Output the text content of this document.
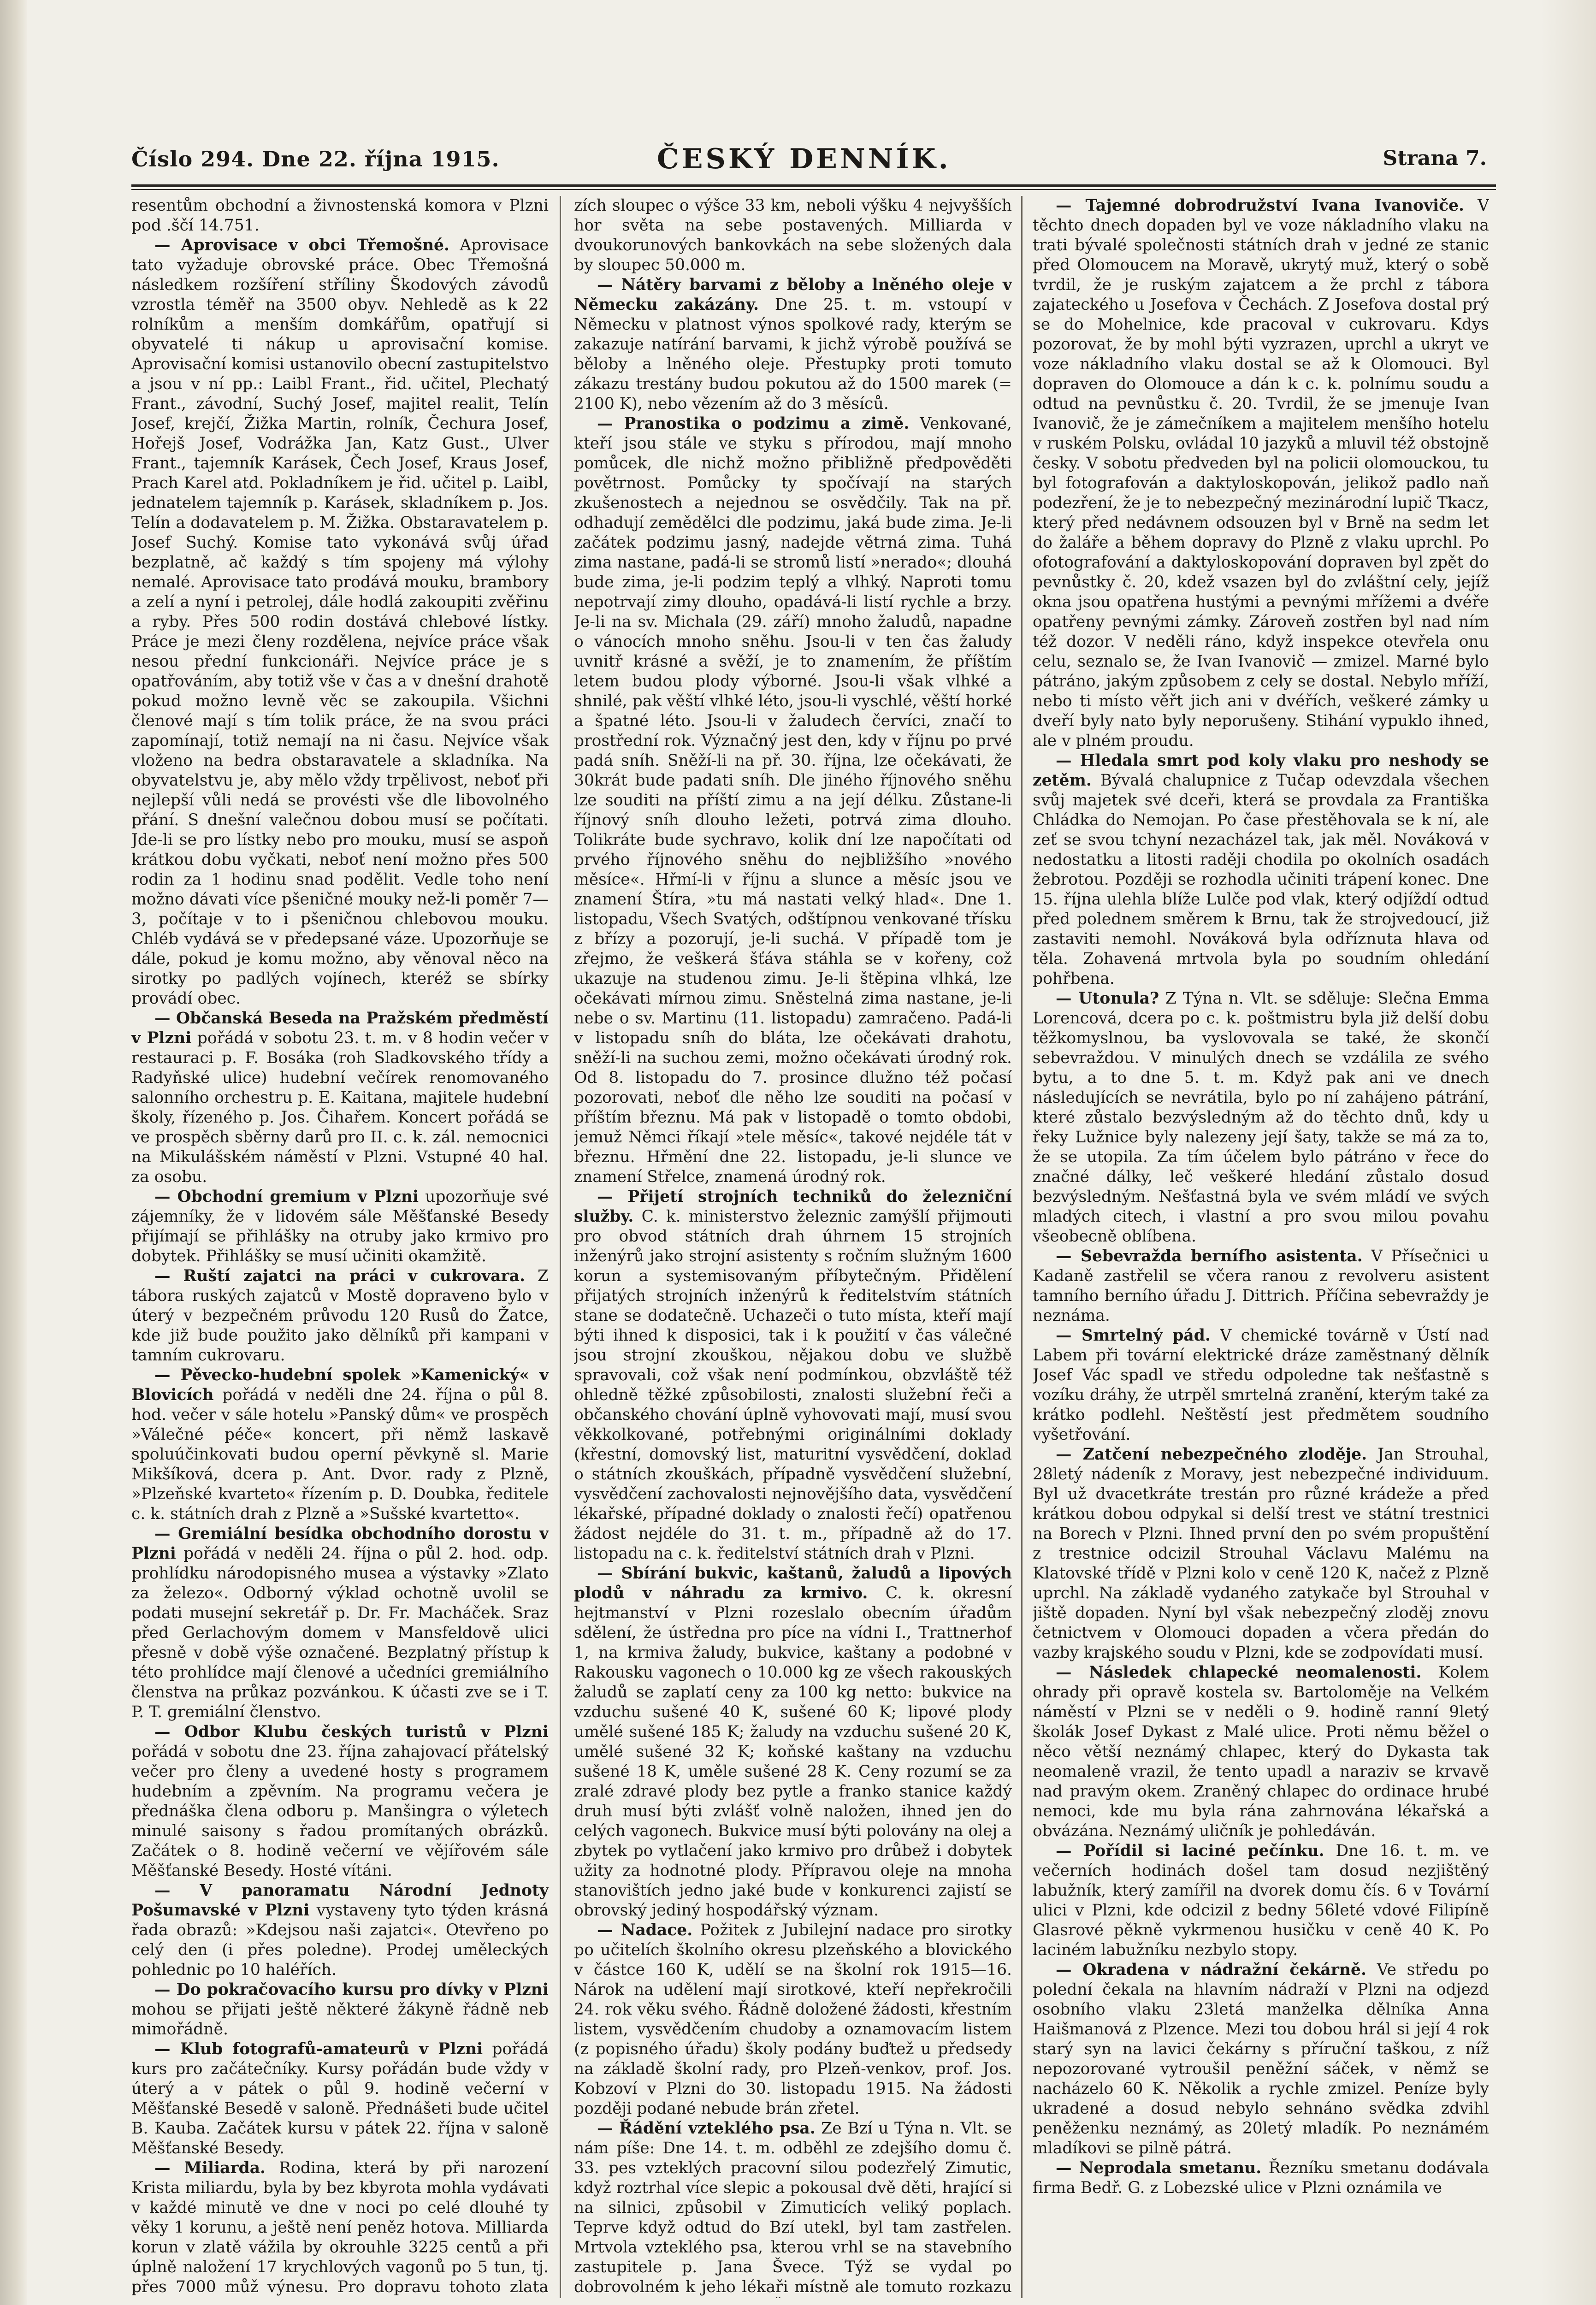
Číslo 294. Dne 22. října 1915.	ČESKÝ DENNÍK.	Strana 7.

resentům obchodní a živnostenská komora v Plzni pod .ščí 14.751.

— Aprovisace v obci Třemošné. Aprovisace tato vyžaduje obrovské práce. Obec Třemošná následkem rozšíření stříliny Škodových závodů vzrostla téměř na 3500 obyv. Nehledě as k 22 rolníkům a menším domkářům, opatřují si obyvatelé ti nákup u aprovisační komise. Aprovisační komisi ustanovilo obecní zastupitelstvo a jsou v ní pp.: Laibl Frant., řid. učitel, Plechatý Frant., závodní, Suchý Josef, majitel realit, Telín Josef, krejčí, Žižka Martin, rolník, Čechura Josef, Hořejš Josef, Vodrážka Jan, Katz Gust., Ulver Frant., tajemník Karásek, Čech Josef, Kraus Josef, Prach Karel atd. Pokladníkem je řid. učitel p. Laibl, jednatelem tajemník p. Karásek, skladníkem p. Jos. Telín a dodavatelem p. M. Žižka. Obstaravatelem p. Josef Suchý. Komise tato vykonává svůj úřad bezplatně, ač každý s tím spojeny má výlohy nemalé. Aprovisace tato prodává mouku, brambory a zelí a nyní i petrolej, dále hodlá zakoupiti zvěřinu a ryby. Přes 500 rodin dostává chlebové lístky. Práce je mezi členy rozdělena, nejvíce práce však nesou přední funkcionáři. Nejvíce práce je s opatřováním, aby totiž vše v čas a v dnešní drahotě pokud možno levně věc se zakoupila. Všichni členové mají s tím tolik práce, že na svou práci zapomínají, totiž nemají na ni času. Nejvíce však vloženo na bedra obstaravatele a skladníka. Na obyvatelstvu je, aby mělo vždy trpělivost, neboť při nejlepší vůli nedá se provésti vše dle libovolného přání. S dnešní valečnou dobou musí se počítati. Jde-li se pro lístky nebo pro mouku, musí se aspoň krátkou dobu vyčkati, neboť není možno přes 500 rodin za 1 hodinu snad podělit. Vedle toho není možno dávati více pšeničné mouky než-li poměr 7—3, počítaje v to i pšeničnou chlebovou mouku. Chléb vydává se v předepsané váze. Upozorňuje se dále, pokud je komu možno, aby věnoval něco na sirotky po padlých vojínech, kteréž se sbírky provádí obec.

— Občanská Beseda na Pražském předměstí v Plzni pořádá v sobotu 23. t. m. v 8 hodin večer v restauraci p. F. Bosáka (roh Sladkovského třídy a Radyňské ulice) hudební večírek renomovaného salonního orchestru p. E. Kaitana, majitele hudební školy, řízeného p. Jos. Čihařem. Koncert pořádá se ve prospěch sběrny darů pro II. c. k. zál. nemocnici na Mikulášském náměstí v Plzni. Vstupné 40 hal. za osobu.

— Obchodní gremium v Plzni upozorňuje své zájemníky, že v lidovém sále Měšťanské Besedy přijímají se přihlášky na otruby jako krmivo pro dobytek. Přihlášky se musí učiniti okamžitě.

— Ruští zajatci na práci v cukrovara. Z tábora ruských zajatců v Mostě dopraveno bylo v úterý v bezpečném průvodu 120 Rusů do Žatce, kde již bude použito jako dělníků při kampani v tamním cukrovaru.

— Pěvecko-hudební spolek »Kamenický« v Blovicích pořádá v neděli dne 24. října o půl 8. hod. večer v sále hotelu »Panský dům« ve prospěch »Válečné péče« koncert, při němž laskavě spoluúčinkovati budou operní pěvkyně sl. Marie Mikšíková, dcera p. Ant. Dvor. rady z Plzně, »Plzeňské kvarteto« řízením p. D. Doubka, ředitele c. k. státních drah z Plzně a »Sušské kvartetto«.

— Gremiální besídka obchodního dorostu v Plzni pořádá v neděli 24. října o půl 2. hod. odp. prohlídku národopisného musea a výstavky »Zlato za železo«. Odborný výklad ochotně uvolil se podati musejní sekretář p. Dr. Fr. Macháček. Sraz před Gerlachovým domem v Mansfeldově ulici přesně v době výše označené. Bezplatný přístup k této prohlídce mají členové a učedníci gremiálního členstva na průkaz pozvánkou. K účasti zve se i T. P. T. gremiální členstvo.

— Odbor Klubu českých turistů v Plzni pořádá v sobotu dne 23. října zahajovací přátelský večer pro členy a uvedené hosty s programem hudebním a zpěvním. Na programu večera je přednáška člena odboru p. Manšingra o výletech minulé saisony s řadou promítaných obrázků. Začátek o 8. hodině večerní ve vějířovém sále Měšťanské Besedy. Hosté vítáni.

— V panoramatu Národní Jednoty Pošumavské v Plzni vystaveny tyto týden krásná řada obrazů: »Kdejsou naši zajatci«. Otevřeno po celý den (i přes poledne). Prodej uměleckých pohlednic po 10 haléřích.

— Do pokračovacího kursu pro dívky v Plzni mohou se přijati ještě některé žákyně řádně neb mimořádně.

— Klub fotografů-amateurů v Plzni pořádá kurs pro začátečníky. Kursy pořádán bude vždy v úterý a v pátek o půl 9. hodině večerní v Měšťanské Besedě v saloně. Přednášeti bude učitel B. Kauba. Začátek kursu v pátek 22. října v saloně Měšťanské Besedy.

— Miliarda. Rodina, která by při narození Krista miliardu, byla by bez kbyrota mohla vydávati v každé minutě ve dne v noci po celé dlouhé ty věky 1 korunu, a ještě není peněz hotova. Milliarda korun v zlatě vážila by okrouhle 3225 centů a při úplně naložení 17 krychlových vagonů po 5 tun, tj. přes 7000 můž výnesu. Pro dopravu tohoto zlata

zích sloupec o výšce 33 km, neboli výšku 4 nejvyšších hor světa na sebe postavených. Milliarda v dvoukorunových bankovkách na sebe složených dala by sloupec 50.000 m.

— Nátěry barvami z běloby a lněného oleje v Německu zakázány. Dne 25. t. m. vstoupí v Německu v platnost výnos spolkové rady, kterým se zakazuje natírání barvami, k jichž výrobě používá se běloby a lněného oleje. Přestupky proti tomuto zákazu trestány budou pokutou až do 1500 marek (= 2100 K), nebo vězením až do 3 měsíců.

— Pranostika o podzimu a zimě. Venkované, kteří jsou stále ve styku s přírodou, mají mnoho pomůcek, dle nichž možno přibližně předpověděti povětrnost. Pomůcky ty spočívají na starých zkušenostech a nejednou se osvědčily. Tak na př. odhadují zemědělci dle podzimu, jaká bude zima. Je-li začátek podzimu jasný, nadejde větrná zima. Tuhá zima nastane, padá-li se stromů listí »nerado«; dlouhá bude zima, je-li podzim teplý a vlhký. Naproti tomu nepotrvají zimy dlouho, opadává-li listí rychle a brzy. Je-li na sv. Michala (29. září) mnoho žaludů, napadne o vánocích mnoho sněhu. Jsou-li v ten čas žaludy uvnitř krásné a svěží, je to znamením, že příštím letem budou plody výborné. Jsou-li však vlhké a shnilé, pak věští vlhké léto, jsou-li vyschlé, věští horké a špatné léto. Jsou-li v žaludech červíci, značí to prostřední rok. Význačný jest den, kdy v říjnu po prvé padá sníh. Sněží-li na př. 30. října, lze očekávati, že 30krát bude padati sníh. Dle jiného říjnového sněhu lze souditi na příští zimu a na její délku. Zůstane-li říjnový sníh dlouho ležeti, potrvá zima dlouho. Tolikráte bude sychravo, kolik dní lze napočítati od prvého říjnového sněhu do nejbližšího »nového měsíce«. Hřmí-li v říjnu a slunce a měsíc jsou ve znamení Štíra, »tu má nastati velký hlad«. Dne 1. listopadu, Všech Svatých, odštípnou venkované třísku z břízy a pozorují, je-li suchá. V případě tom je zřejmo, že veškerá šťáva stáhla se v kořeny, což ukazuje na studenou zimu. Je-li štěpina vlhká, lze očekávati mírnou zimu. Sněstelná zima nastane, je-li nebe o sv. Martinu (11. listopadu) zamračeno. Padá-li v listopadu sníh do bláta, lze očekávati drahotu, sněží-li na suchou zemi, možno očekávati úrodný rok. Od 8. listopadu do 7. prosince dlužno též počasí pozorovati, neboť dle něho lze souditi na počasí v příštím březnu. Má pak v listopadě o tomto obdobi, jemuž Němci říkají »tele měsíc«, takové nejdéle tát v březnu. Hřmění dne 22. listopadu, je-li slunce ve znamení Střelce, znamená úrodný rok.

— Přijetí strojních techniků do železniční služby. C. k. ministerstvo železnic zamýšlí přijmouti pro obvod státních drah úhrnem 15 strojních inženýrů jako strojní asistenty s ročním služným 1600 korun a systemisovaným příbytečným. Přidělení přijatých strojních inženýrů k ředitelstvím státních stane se dodatečně. Uchazeči o tuto místa, kteří mají býti ihned k disposici, tak i k použití v čas válečné jsou strojní zkouškou, nějakou dobu ve službě spravovali, což však není podmínkou, obzvláště též ohledně těžké způsobilosti, znalosti služební řeči a občanského chování úplně vyhovovati mají, musí svou věkkolkované, potřebnými originálními doklady (křestní, domovský list, maturitní vysvědčení, doklad o státních zkouškách, případně vysvědčení služební, vysvědčení zachovalosti nejnovějšího data, vysvědčení lékařské, případné doklady o znalosti řečí) opatřenou žádost nejdéle do 31. t. m., případně až do 17. listopadu na c. k. ředitelství státních drah v Plzni.

— Sbírání bukvic, kaštanů, žaludů a lipových plodů v náhradu za krmivo. C. k. okresní hejtmanství v Plzni rozeslalo obecním úřadům sdělení, že ústředna pro píce na vídni I., Trattnerhof 1, na krmiva žaludy, bukvice, kaštany a podobné v Rakousku vagonech o 10.000 kg ze všech rakouských žaludů se zaplatí ceny za 100 kg netto: bukvice na vzduchu sušené 40 K, sušené 60 K; lipové plody umělé sušené 185 K; žaludy na vzduchu sušené 20 K, umělé sušené 32 K; koňské kaštany na vzduchu sušené 18 K, uměle sušené 28 K. Ceny rozumí se za zralé zdravé plody bez pytle a franko stanice každý druh musí býti zvlášť volně naložen, ihned jen do celých vagonech. Bukvice musí býti polovány na olej a zbytek po vytlačení jako krmivo pro drůbež i dobytek užity za hodnotné plody. Přípravou oleje na mnoha stanovištích jedno jaké bude v konkurenci zajistí se obrovský jediný hospodářský význam.

— Nadace. Požitek z Jubilejní nadace pro sirotky po učitelích školního okresu plzeňského a blovického v částce 160 K, udělí se na školní rok 1915—16. Nárok na udělení mají sirotkové, kteří nepřekročili 24. rok věku svého. Řádně doložené žádosti, křestním listem, vysvědčením chudoby a oznamovacím listem (z popisného úřadu) školy podány buďtež u předsedy na základě školní rady, pro Plzeň-venkov, prof. Jos. Kobzoví v Plzni do 30. listopadu 1915. Na žádosti později podané nebude brán zřetel.

— Řádění vzteklého psa. Ze Bzí u Týna n. Vlt. se nám píše: Dne 14. t. m. odběhl ze zdejšího domu č. 33. pes vzteklých pracovní silou podezřelý Zimutic, když roztrhal více slepic a pokousal dvě děti, hrající si na silnici, způsobil v Zimuticích veliký poplach. Teprve když odtud do Bzí utekl, byl tam zastřelen. Mrtvola vzteklého psa, kterou vrhl se na stavebního zastupitele p. Jana Švece. Týž se vydal po dobrovolném k jeho lékaři místně ale tomuto rozkazu

— Tajemné dobrodružství Ivana Ivanoviče. V těchto dnech dopaden byl ve voze nákladního vlaku na trati bývalé společnosti státních drah v jedné ze stanic před Olomoucem na Moravě, ukrytý muž, který o sobě tvrdil, že je ruským zajatcem a že prchl z tábora zajateckého u Josefova v Čechách. Z Josefova dostal prý se do Mohelnice, kde pracoval v cukrovaru. Kdys pozorovat, že by mohl býti vyzrazen, uprchl a ukryt ve voze nákladního vlaku dostal se až k Olomouci. Byl dopraven do Olomouce a dán k c. k. polnímu soudu a odtud na pevnůstku č. 20. Tvrdil, že se jmenuje Ivan Ivanovič, že je zámečníkem a majitelem menšího hotelu v ruském Polsku, ovládal 10 jazyků a mluvil též obstojně česky. V sobotu předveden byl na policii olomouckou, tu byl fotografován a daktyloskopován, jelikož padlo naň podezření, že je to nebezpečný mezinárodní lupič Tkacz, který před nedávnem odsouzen byl v Brně na sedm let do žaláře a během dopravy do Plzně z vlaku uprchl. Po ofotografování a daktyloskopování dopraven byl zpět do pevnůstky č. 20, kdež vsazen byl do zvláštní cely, jejíž okna jsou opatřena hustými a pevnými mřížemi a dvéře opatřeny pevnými zámky. Zároveň zostřen byl nad ním též dozor. V neděli ráno, když inspekce otevřela onu celu, seznalo se, že Ivan Ivanovič — zmizel. Marné bylo pátráno, jakým způsobem z cely se dostal. Nebylo mříží, nebo ti místo věřt jich ani v dvéřích, veškeré zámky u dveří byly nato byly neporušeny. Stihání vypuklo ihned, ale v plném proudu.

— Hledala smrt pod koly vlaku pro neshody se zetěm. Bývalá chalupnice z Tučap odevzdala všechen svůj majetek své dceři, která se provdala za Františka Chládka do Nemojan. Po čase přestěhovala se k ní, ale zeť se svou tchyní nezacházel tak, jak měl. Nováková v nedostatku a litosti raději chodila po okolních osadách žebrotou. Později se rozhodla učiniti trápení konec. Dne 15. října ulehla blíže Lulče pod vlak, který odjíždí odtud před polednem směrem k Brnu, tak že strojvedoucí, již zastaviti nemohl. Nováková byla odříznuta hlava od těla. Zohavená mrtvola byla po soudním ohledání pohřbena.

— Utonula? Z Týna n. Vlt. se sděluje: Slečna Emma Lorencová, dcera po c. k. poštmistru byla již delší dobu těžkomyslnou, ba vyslovovala se také, že skončí sebevraždou. V minulých dnech se vzdálila ze svého bytu, a to dne 5. t. m. Když pak ani ve dnech následujících se nevrátila, bylo po ní zahájeno pátrání, které zůstalo bezvýsledným až do těchto dnů, kdy u řeky Lužnice byly nalezeny její šaty, takže se má za to, že se utopila. Za tím účelem bylo pátráno v řece do značné dálky, leč veškeré hledání zůstalo dosud bezvýsledným. Nešťastná byla ve svém mládí ve svých mladých citech, i vlastní a pro svou milou povahu všeobecně oblíbena.

— Sebevražda bernífho asistenta. V Přísečnici u Kadaně zastřelil se včera ranou z revolveru asistent tamního berního úřadu J. Dittrich. Příčina sebevraždy je neznáma.

— Smrtelný pád. V chemické továrně v Ústí nad Labem při tovární elektrické dráze zaměstnaný dělník Josef Vác spadl ve středu odpoledne tak nešťastně s vozíku dráhy, že utrpěl smrtelná zranění, kterým také za krátko podlehl. Neštěstí jest předmětem soudního vyšetřování.

— Zatčení nebezpečného zloděje. Jan Strouhal, 28letý nádeník z Moravy, jest nebezpečné individuum. Byl už dvacetkráte trestán pro různé krádeže a před krátkou dobou odpykal si delší trest ve státní trestnici na Borech v Plzni. Ihned první den po svém propuštění z trestnice odcizil Strouhal Václavu Malému na Klatovské třídě v Plzni kolo v ceně 120 K, načež z Plzně uprchl. Na základě vydaného zatykače byl Strouhal v jiště dopaden. Nyní byl však nebezpečný zloděj znovu četnictvem v Olomouci dopaden a včera předán do vazby krajského soudu v Plzni, kde se zodpovídati musí.

— Následek chlapecké neomalenosti. Kolem ohrady při opravě kostela sv. Bartoloměje na Velkém náměstí v Plzni se v neděli o 9. hodině ranní 9letý školák Josef Dykast z Malé ulice. Proti němu běžel o něco větší neznámý chlapec, který do Dykasta tak neomaleně vrazil, že tento upadl a naraziv se krvavě nad pravým okem. Zraněný chlapec do ordinace hrubé nemoci, kde mu byla rána zahrnována lékařská a obvázána. Neznámý uličník je pohledáván.

— Pořídil si laciné pečínku. Dne 16. t. m. ve večerních hodinách došel tam dosud nezjištěný labužník, který zamířil na dvorek domu čís. 6 v Tovární ulici v Plzni, kde odcizil z bedny 56leté vdové Filipíně Glasrové pěkně vykrmenou husičku v ceně 40 K. Po laciném labužníku nezbylo stopy.

— Okradena v nádražní čekárně. Ve středu po polední čekala na hlavním nádraží v Plzni na odjezd osobního vlaku 23letá manželka dělníka Anna Haišmanová z Plzence. Mezi tou dobou hrál si její 4 rok starý syn na lavici čekárny s příruční taškou, z níž nepozorované vytroušil peněžní sáček, v němž se nacházelo 60 K. Několik a rychle zmizel. Peníze byly ukradené a dosud nebylo sehnáno svědka zdvihl peněženku neznámý, as 20letý mladík. Po neznámém mladíkovi se pilně pátrá.

— Neprodala smetanu. Řezníku smetanu dodávala firma Bedř. G. z Lobezské ulice v Plzni oznámila ve
